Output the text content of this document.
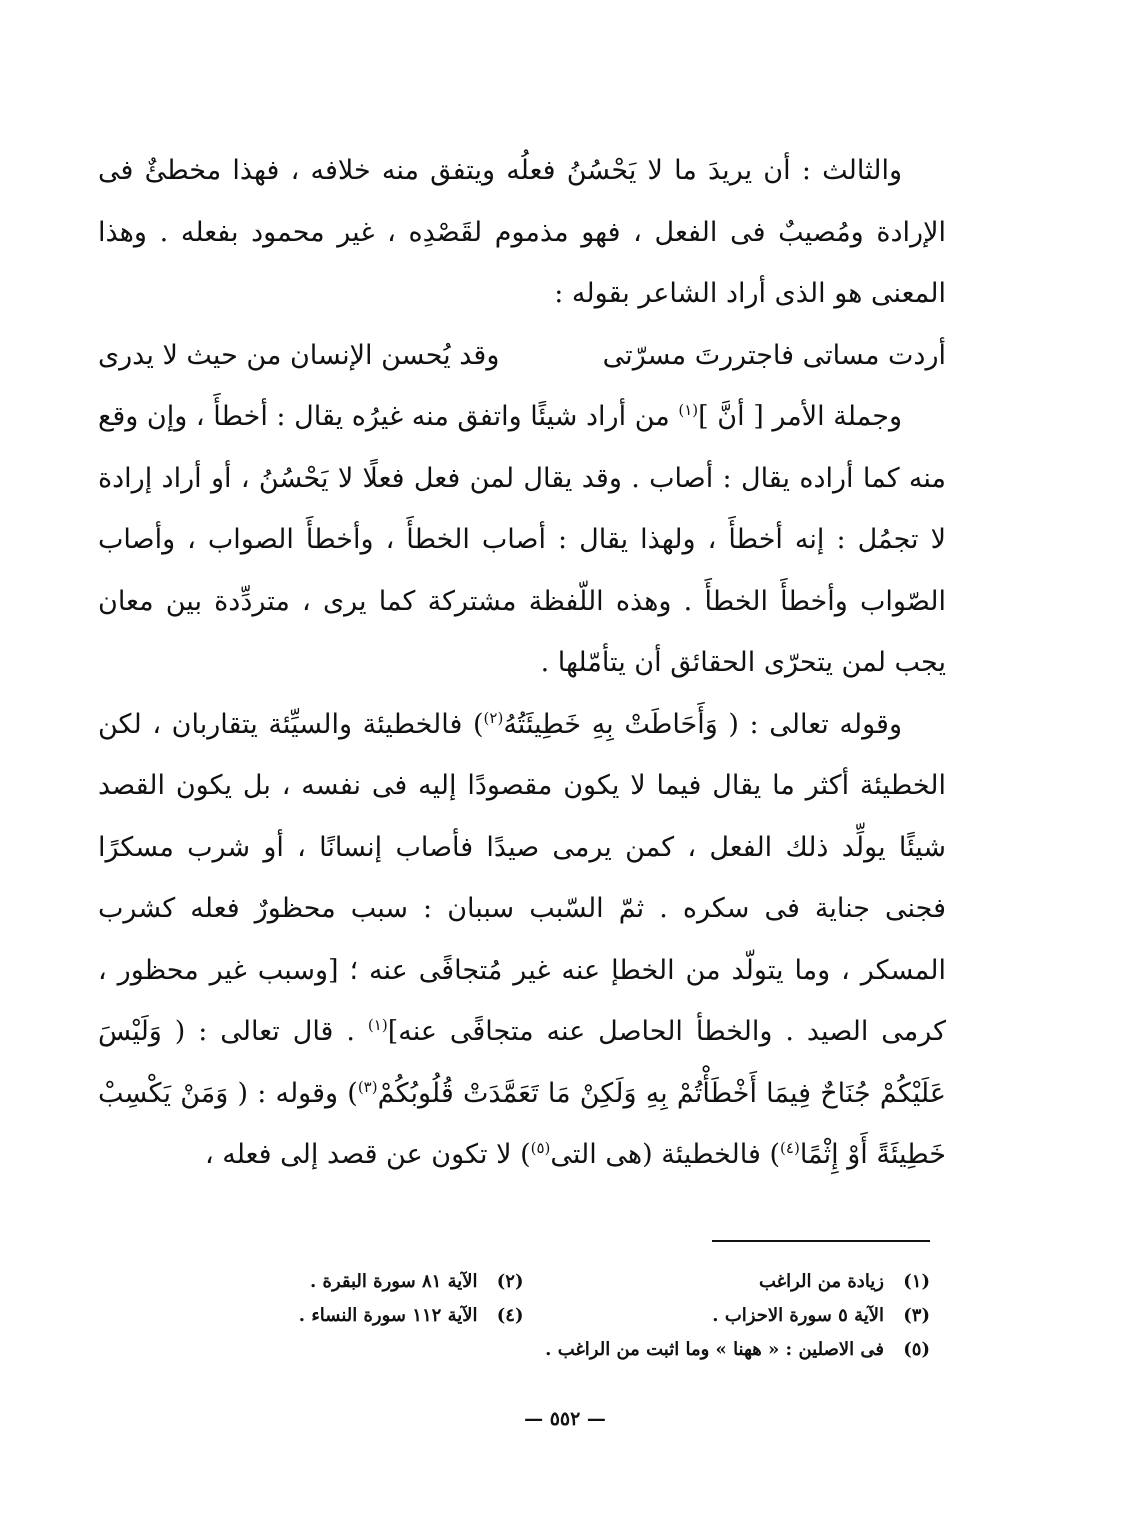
والثالث : أن يريدَ ما لا يَحْسُنُ فعلُه ويتفق منه خلافه ، فهذا مخطئٌ فى الإرادة ومُصيبٌ فى الفعل ، فهو مذموم لقَصْدِه ، غير محمود بفعله . وهذا المعنى هو الذى أراد الشاعر بقوله :

أردت مساتى فاجتررتَ مسرّتى
وقد يُحسن الإنسان من حيث لا يدرى

وجملة الأمر [ أنَّ ]$^{(١)}$ من أراد شيئًا واتفق منه غيرُه يقال : أخطأَ ، وإن وقع منه كما أراده يقال : أصاب . وقد يقال لمن فعل فعلًا لا يَحْسُنُ ، أو أراد إرادة لا تجمُل : إنه أخطأَ ، ولهذا يقال : أصاب الخطأَ ، وأخطأَ الصواب ، وأصاب الصّواب وأخطأَ الخطأَ . وهذه اللّفظة مشتركة كما يرى ، متردِّدة بين معان يجب لمن يتحرّى الحقائق أن يتأمّلها .

وقوله تعالى : ( وَأَحَاطَتْ بِهِ خَطِيئَتُهُ$^{(٢)}$) فالخطيئة والسيِّئة يتقاربان ، لكن الخطيئة أكثر ما يقال فيما لا يكون مقصودًا إليه فى نفسه ، بل يكون القصد شيئًا يولِّد ذلك الفعل ، كمن يرمى صيدًا فأصاب إنسانًا ، أو شرب مسكرًا فجنى جناية فى سكره . ثمّ السّبب سببان : سبب محظورٌ فعله كشرب المسكر ، وما يتولّد من الخطإ عنه غير مُتجافًى عنه ؛ [وسبب غير محظور ، كرمى الصيد . والخطأ الحاصل عنه متجافًى عنه]$^{(١)}$ . قال تعالى : ( وَلَيْسَ عَلَيْكُمْ جُنَاحٌ فِيمَا أَخْطَأْتُمْ بِهِ وَلَكِنْ مَا تَعَمَّدَتْ قُلُوبُكُمْ$^{(٣)}$) وقوله : ( وَمَنْ يَكْسِبْ خَطِيئَةً أَوْ إِثْمًا$^{(٤)}$) فالخطيئة (هى التى$^{(٥)}$) لا تكون عن قصد إلى فعله ،

(١)
زيادة من الراغب
(٢)
الآية ٨١ سورة البقرة .
(٣)
الآية ٥ سورة الاحزاب .
(٤)
الآية ١١٢ سورة النساء .
(٥)
فى الاصلين : « ههنا » وما اثبت من الراغب .
— ٥٥٢ —
